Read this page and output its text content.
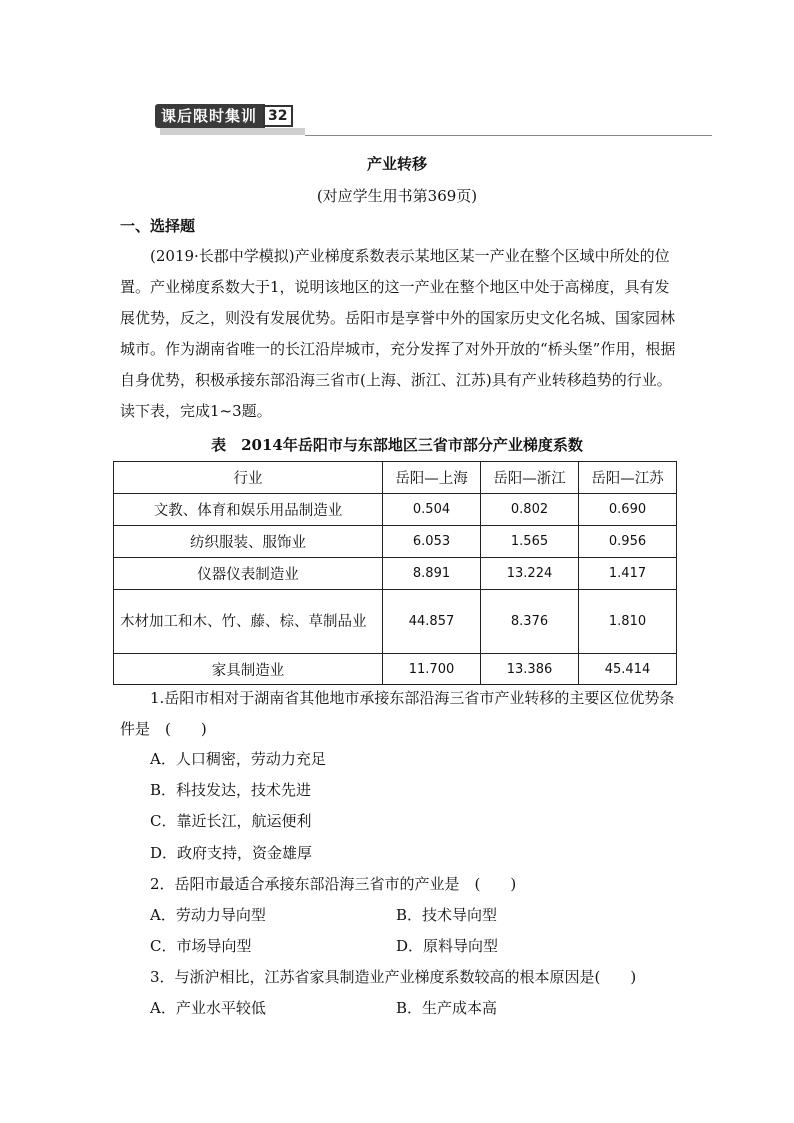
课后限时集训 32
产业转移
(对应学生用书第369页)
一、选择题
(2019·长郡中学模拟)产业梯度系数表示某地区某一产业在整个区域中所处的位置。产业梯度系数大于1，说明该地区的这一产业在整个地区中处于高梯度，具有发展优势，反之，则没有发展优势。岳阳市是享誉中外的国家历史文化名城、国家园林城市。作为湖南省唯一的长江沿岸城市，充分发挥了对外开放的“桥头堡”作用，根据自身优势，积极承接东部沿海三省市(上海、浙江、江苏)具有产业转移趋势的行业。读下表，完成1~3题。
表　2014年岳阳市与东部地区三省市部分产业梯度系数
行业	岳阳—上海	岳阳—浙江	岳阳—江苏
文教、体育和娱乐用品制造业	0.504	0.802	0.690
纺织服装、服饰业	6.053	1.565	0.956
仪器仪表制造业	8.891	13.224	1.417
木材加工和木、竹、藤、棕、草制品业	44.857	8.376	1.810
家具制造业	11.700	13.386	45.414
1.岳阳市相对于湖南省其他地市承接东部沿海三省市产业转移的主要区位优势条件是　(　　)
A．人口稠密，劳动力充足
B．科技发达，技术先进
C．靠近长江，航运便利
D．政府支持，资金雄厚
2．岳阳市最适合承接东部沿海三省市的产业是　(　　)
A．劳动力导向型	B．技术导向型
C．市场导向型	D．原料导向型
3．与浙沪相比，江苏省家具制造业产业梯度系数较高的根本原因是(　　)
A．产业水平较低	B．生产成本高
